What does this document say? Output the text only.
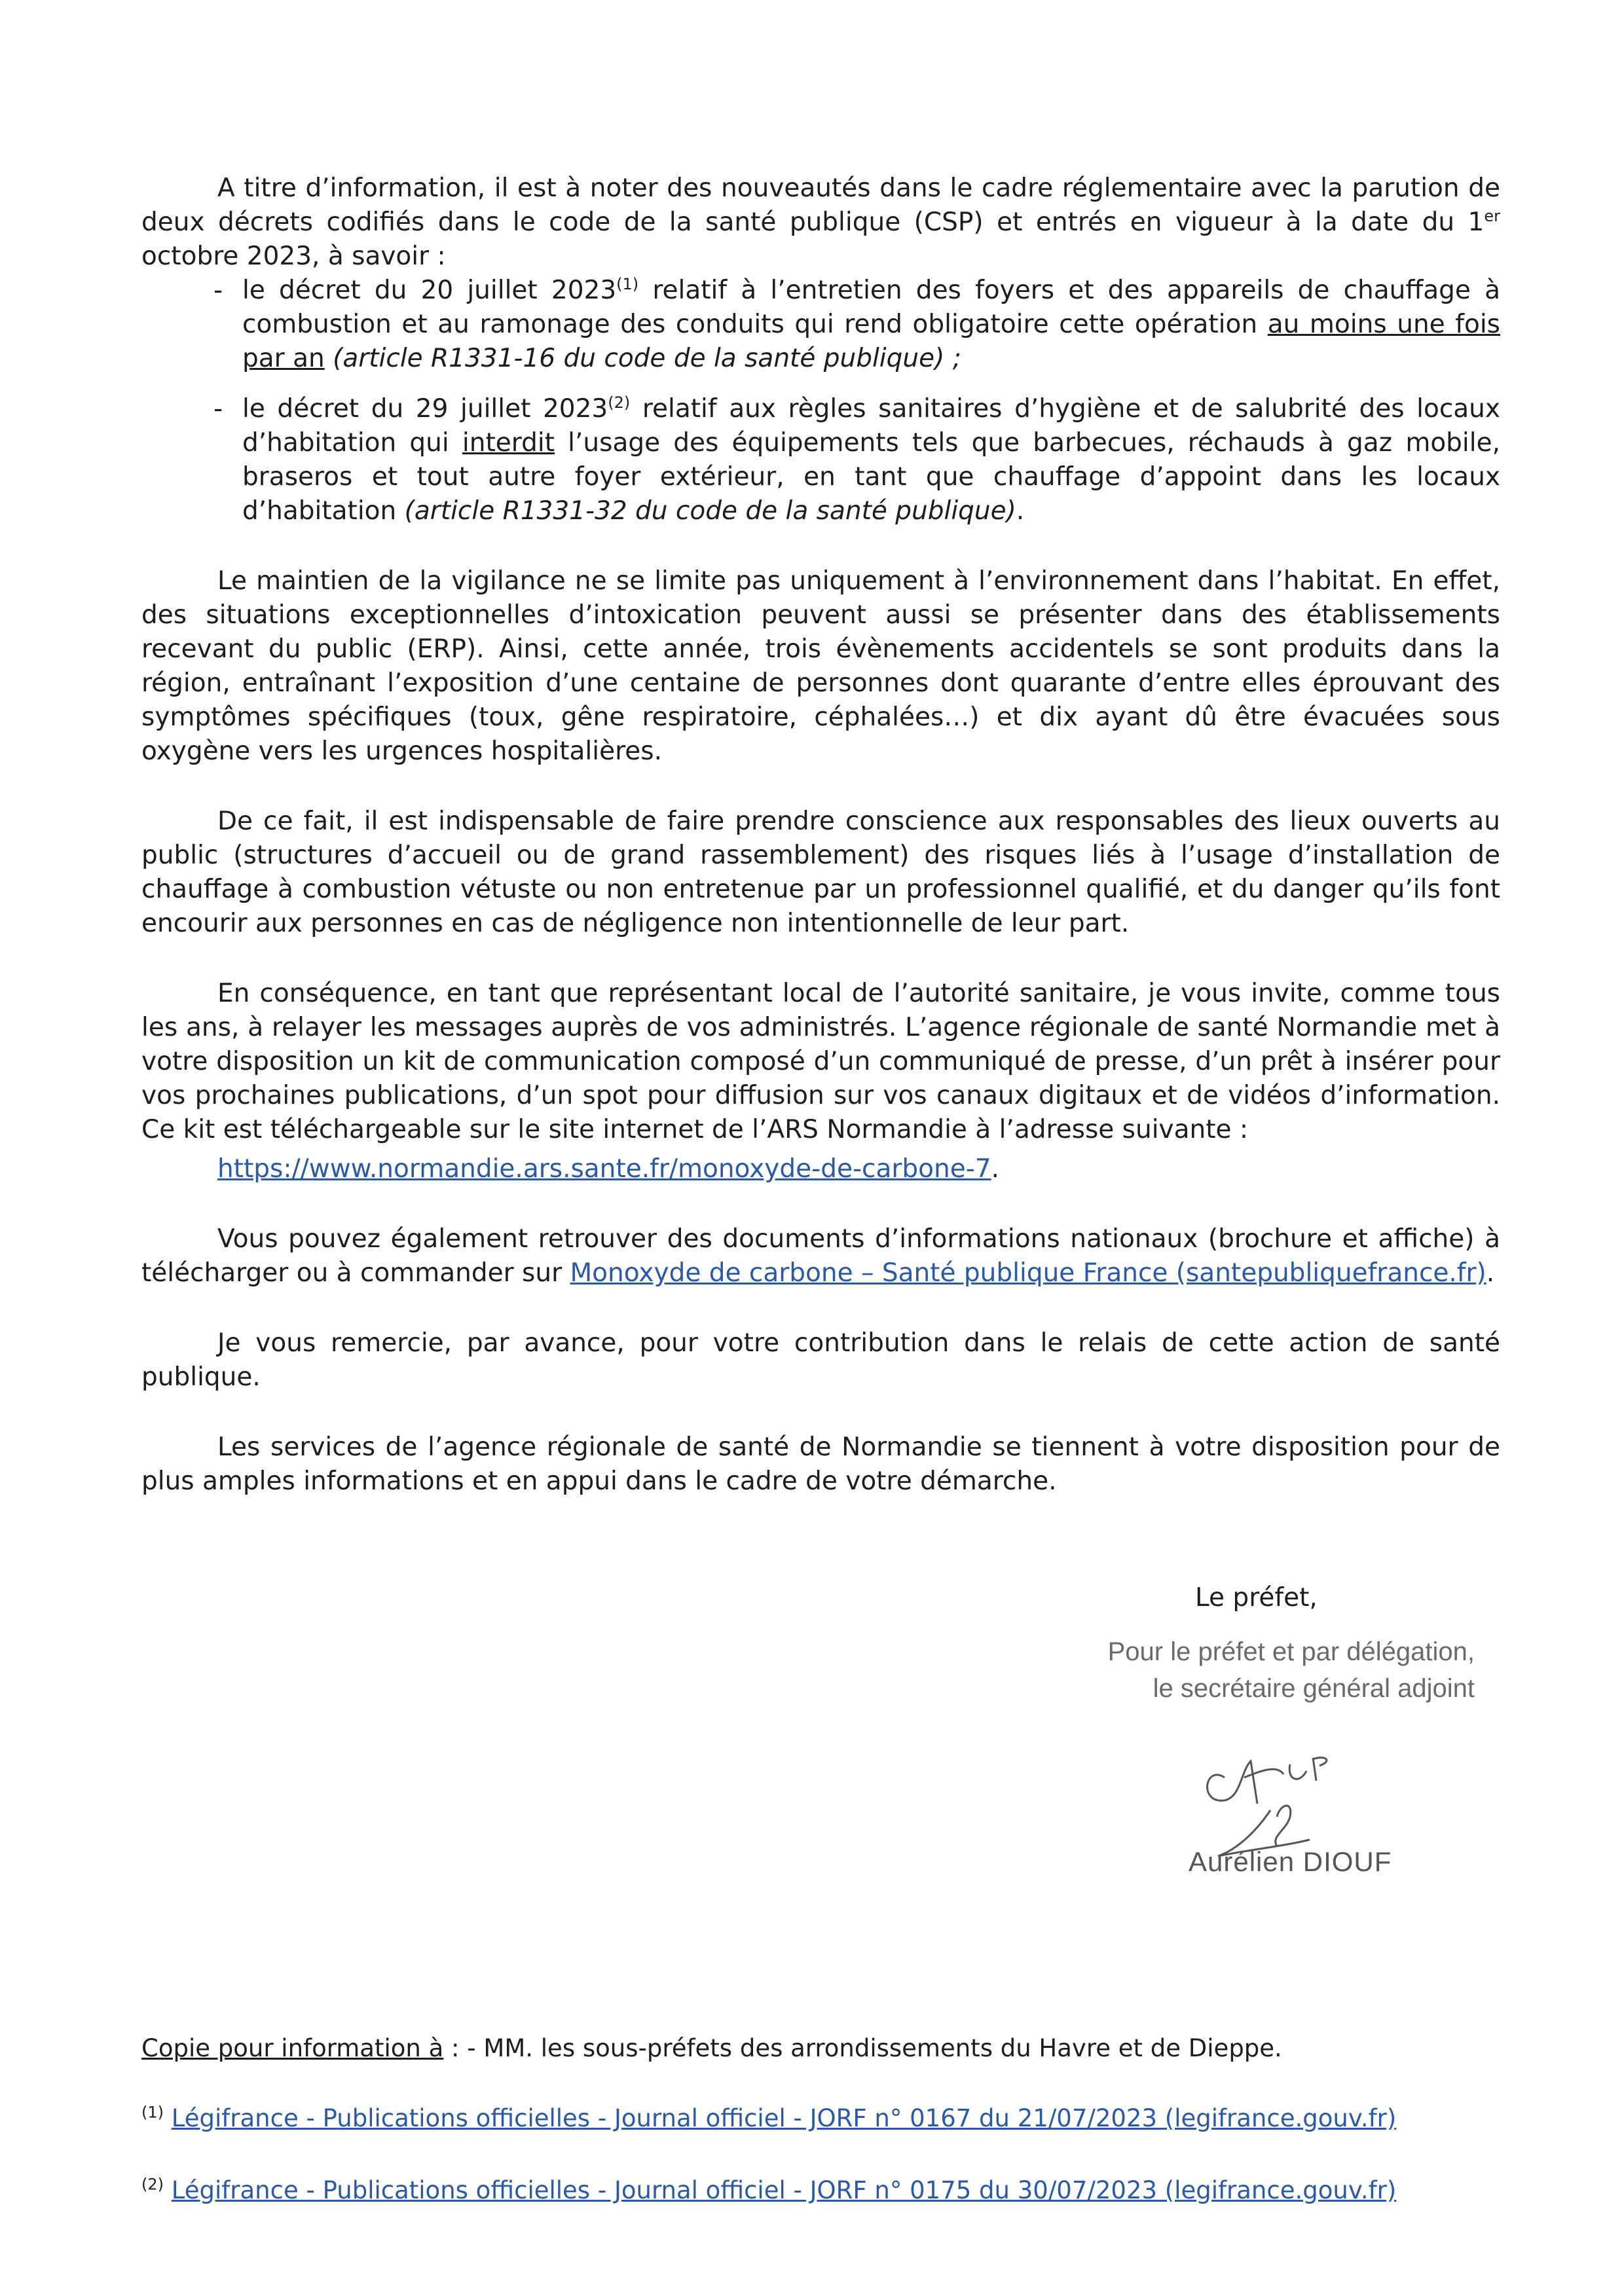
A titre d’information, il est à noter des nouveautés dans le cadre réglementaire avec la parution de deux décrets codifiés dans le code de la santé publique (CSP) et entrés en vigueur à la date du 1er octobre 2023, à savoir :

- le décret du 20 juillet 2023$^{(1)}$ relatif à l’entretien des foyers et des appareils de chauffage à combustion et au ramonage des conduits qui rend obligatoire cette opération au moins une fois par an (article R1331-16 du code de la santé publique) ;
- le décret du 29 juillet 2023$^{(2)}$ relatif aux règles sanitaires d’hygiène et de salubrité des locaux d’habitation qui interdit l’usage des équipements tels que barbecues, réchauds à gaz mobile, braseros et tout autre foyer extérieur, en tant que chauffage d’appoint dans les locaux d’habitation (article R1331-32 du code de la santé publique).

Le maintien de la vigilance ne se limite pas uniquement à l’environnement dans l’habitat. En effet, des situations exceptionnelles d’intoxication peuvent aussi se présenter dans des établissements recevant du public (ERP). Ainsi, cette année, trois évènements accidentels se sont produits dans la région, entraînant l’exposition d’une centaine de personnes dont quarante d’entre elles éprouvant des symptômes spécifiques (toux, gêne respiratoire, céphalées…) et dix ayant dû être évacuées sous oxygène vers les urgences hospitalières.

De ce fait, il est indispensable de faire prendre conscience aux responsables des lieux ouverts au public (structures d’accueil ou de grand rassemblement) des risques liés à l’usage d’installation de chauffage à combustion vétuste ou non entretenue par un professionnel qualifié, et du danger qu’ils font encourir aux personnes en cas de négligence non intentionnelle de leur part.

En conséquence, en tant que représentant local de l’autorité sanitaire, je vous invite, comme tous les ans, à relayer les messages auprès de vos administrés. L’agence régionale de santé Normandie met à votre disposition un kit de communication composé d’un communiqué de presse, d’un prêt à insérer pour vos prochaines publications, d’un spot pour diffusion sur vos canaux digitaux et de vidéos d’information. Ce kit est téléchargeable sur le site internet de l’ARS Normandie à l’adresse suivante :

https://www.normandie.ars.sante.fr/monoxyde-de-carbone-7.

Vous pouvez également retrouver des documents d’informations nationaux (brochure et affiche) à télécharger ou à commander sur Monoxyde de carbone – Santé publique France (santepubliquefrance.fr).

Je vous remercie, par avance, pour votre contribution dans le relais de cette action de santé publique.

Les services de l’agence régionale de santé de Normandie se tiennent à votre disposition pour de plus amples informations et en appui dans le cadre de votre démarche.

Le préfet,
Pour le préfet et par délégation,
le secrétaire général adjoint
Aurélien DIOUF
Copie pour information à : - MM. les sous-préfets des arrondissements du Havre et de Dieppe.
$^{(1)}$ Légifrance - Publications officielles - Journal officiel - JORF n° 0167 du 21/07/2023 (legifrance.gouv.fr)
$^{(2)}$ Légifrance - Publications officielles - Journal officiel - JORF n° 0175 du 30/07/2023 (legifrance.gouv.fr)
